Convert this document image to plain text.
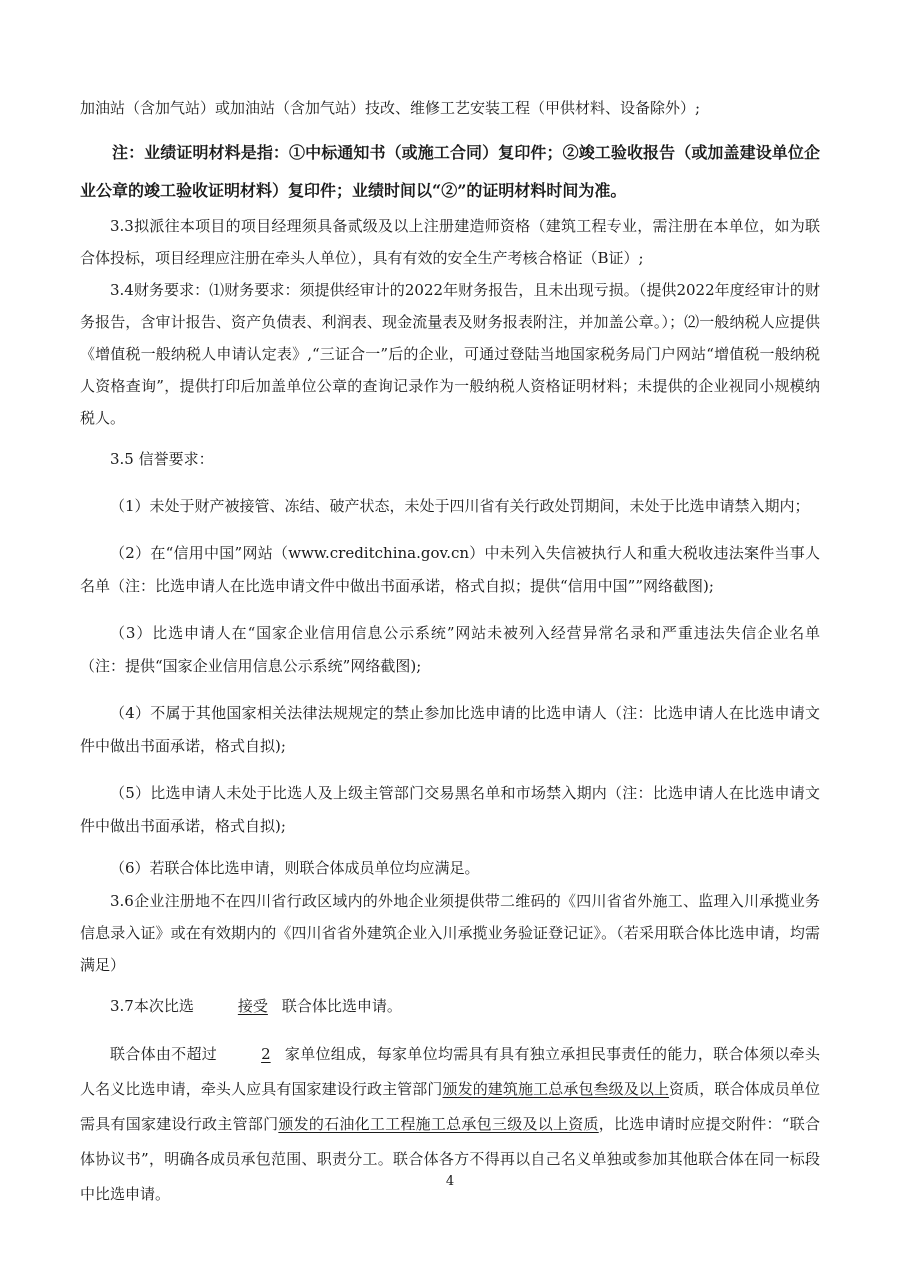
加油站（含加气站）或加油站（含加气站）技改、维修工艺安装工程（甲供材料、设备除外）;

注：业绩证明材料是指：①中标通知书（或施工合同）复印件；②竣工验收报告（或加盖建设单位企业公章的竣工验收证明材料）复印件；业绩时间以“②”的证明材料时间为准。

3.3拟派往本项目的项目经理须具备贰级及以上注册建造师资格（建筑工程专业，需注册在本单位，如为联合体投标，项目经理应注册在牵头人单位），具有有效的安全生产考核合格证（B证）;

3.4财务要求：⑴财务要求：须提供经审计的2022年财务报告，且未出现亏损。（提供2022年度经审计的财务报告，含审计报告、资产负债表、利润表、现金流量表及财务报表附注，并加盖公章。）；⑵一般纳税人应提供《增值税一般纳税人申请认定表》,“三证合一”后的企业，可通过登陆当地国家税务局门户网站“增值税一般纳税人资格查询”，提供打印后加盖单位公章的查询记录作为一般纳税人资格证明材料；未提供的企业视同小规模纳税人。

3.5 信誉要求：

（1）未处于财产被接管、冻结、破产状态，未处于四川省有关行政处罚期间，未处于比选申请禁入期内；

（2）在“信用中国”网站（www.creditchina.gov.cn）中未列入失信被执行人和重大税收违法案件当事人名单（注：比选申请人在比选申请文件中做出书面承诺，格式自拟；提供“信用中国””网络截图);

（3）比选申请人在“国家企业信用信息公示系统”网站未被列入经营异常名录和严重违法失信企业名单（注：提供“国家企业信用信息公示系统”网络截图);

（4）不属于其他国家相关法律法规规定的禁止参加比选申请的比选申请人（注：比选申请人在比选申请文件中做出书面承诺，格式自拟);

（5）比选申请人未处于比选人及上级主管部门交易黑名单和市场禁入期内（注：比选申请人在比选申请文件中做出书面承诺，格式自拟);

（6）若联合体比选申请，则联合体成员单位均应满足。

3.6企业注册地不在四川省行政区域内的外地企业须提供带二维码的《四川省省外施工、监理入川承揽业务信息录入证》或在有效期内的《四川省省外建筑企业入川承揽业务验证登记证》。（若采用联合体比选申请，均需满足）

3.7本次比选	接受 联合体比选申请。

联合体由不超过	2 家单位组成，每家单位均需具有具有独立承担民事责任的能力，联合体须以牵头人名义比选申请，牵头人应具有国家建设行政主管部门颁发的建筑施工总承包叁级及以上资质，联合体成员单位需具有国家建设行政主管部门颁发的石油化工工程施工总承包三级及以上资质，比选申请时应提交附件：“联合体协议书”，明确各成员承包范围、职责分工。联合体各方不得再以自己名义单独或参加其他联合体在同一标段中比选申请。

4
